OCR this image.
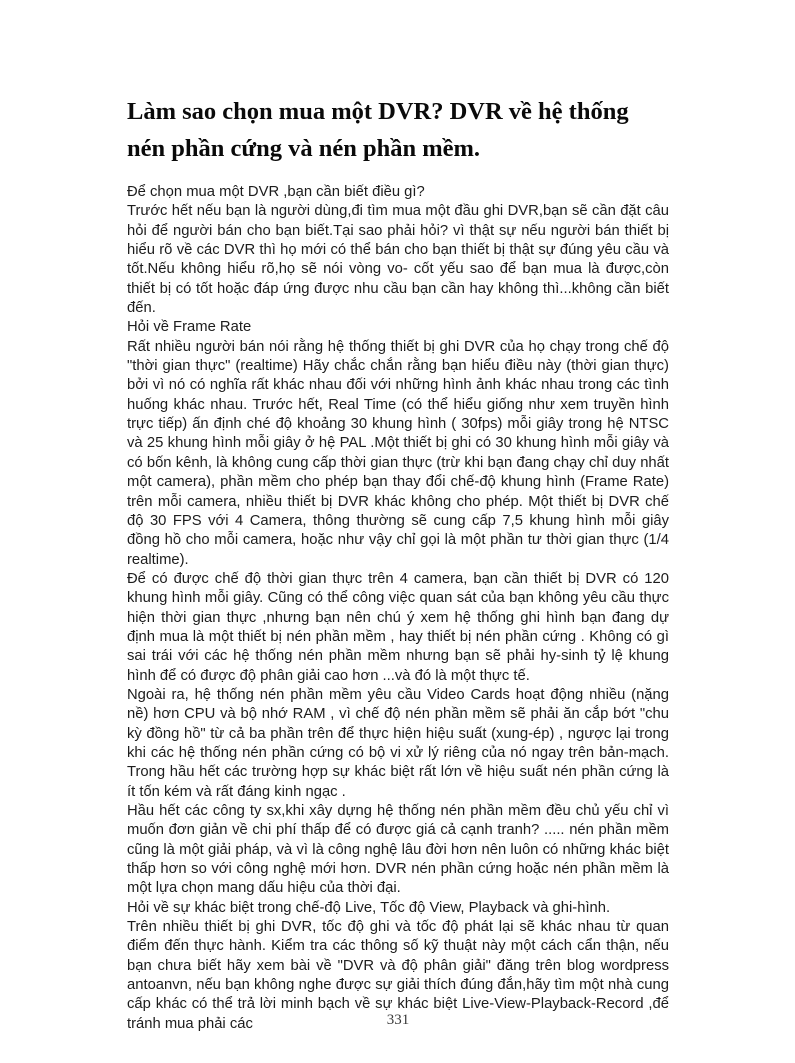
Làm sao chọn mua một DVR? DVR về hệ thống nén phần cứng và nén phần mềm.

Để chọn mua một DVR ,bạn cần biết điều gì?

Trước hết nếu bạn là người dùng,đi tìm mua một đầu ghi DVR,bạn sẽ cần đặt câu hỏi để người bán cho bạn biết.Tại sao phải hỏi? vì thật sự nếu người bán thiết bị hiểu rõ về các DVR thì họ mới có thể bán cho bạn thiết bị thật sự đúng yêu cầu và tốt.Nếu không hiểu rõ,họ sẽ nói vòng vo- cốt yếu sao để bạn mua là được,còn thiết bị có tốt hoặc đáp ứng được nhu cầu bạn cần hay không thì...không cần biết đến.

Hỏi về Frame Rate

Rất nhiều người bán nói rằng hệ thống thiết bị ghi DVR của họ chạy trong chế độ "thời gian thực" (realtime) Hãy chắc chắn rằng bạn hiểu điều này (thời gian thực) bởi vì nó có nghĩa rất khác nhau đối với những hình ảnh khác nhau trong các tình huống khác nhau. Trước hết, Real Time (có thể hiểu giống như xem truyền hình trực tiếp) ấn định ché độ khoảng 30 khung hình ( 30fps) mỗi giây trong hệ NTSC và 25 khung hình mỗi giây ở hệ PAL .Một thiết bị ghi có 30 khung hình mỗi giây và có bốn kênh, là không cung cấp thời gian thực (trừ khi bạn đang chạy chỉ duy nhất một camera), phần mềm cho phép bạn thay đổi chế-độ khung hình (Frame Rate) trên mỗi camera, nhiều thiết bị DVR khác không cho phép. Một thiết bị DVR chế độ 30 FPS với 4 Camera, thông thường sẽ cung cấp 7,5 khung hình mỗi giây đồng hồ cho mỗi camera, hoặc như vậy chỉ gọi là một phần tư thời gian thực (1/4 realtime).

Để có được chế độ thời gian thực trên 4 camera, bạn cần thiết bị DVR có 120 khung hình mỗi giây. Cũng có thể công việc quan sát của bạn không yêu cầu thực hiện thời gian thực ,nhưng bạn nên chú ý xem hệ thống ghi hình bạn đang dự định mua là một thiết bị nén phần mềm , hay thiết bị nén phần cứng . Không có gì sai trái với các hệ thống nén phần mềm nhưng bạn sẽ phải hy-sinh tỷ lệ khung hình để có được độ phân giải cao hơn ...và đó là một thực tế.

Ngoài ra, hệ thống nén phần mềm yêu cầu Video Cards hoạt động nhiều (nặng nề) hơn CPU và bộ nhớ RAM , vì chế độ nén phần mềm sẽ phải ăn cắp bớt "chu kỳ đồng hồ" từ cả ba phần trên để thực hiện hiệu suất (xung-ép) , ngược lại trong khi các hệ thống nén phần cứng có bộ vi xử lý riêng của nó ngay trên bản-mạch. Trong hầu hết các trường hợp sự khác biệt rất lớn về hiệu suất nén phần cứng là ít tốn kém và rất đáng kinh ngạc .

Hầu hết các công ty sx,khi xây dựng hệ thống nén phần mềm đều chủ yếu chỉ vì muốn đơn giản về chi phí thấp để có được giá cả cạnh tranh? ..... nén phần mềm cũng là một giải pháp, và vì là công nghệ lâu đời hơn nên luôn có những khác biệt thấp hơn so với công nghệ mới hơn. DVR nén phần cứng hoặc nén phần mềm là một lựa chọn mang dấu hiệu của thời đại.

Hỏi về sự khác biệt trong chế-độ Live, Tốc độ View, Playback và ghi-hình.

Trên nhiều thiết bị ghi DVR, tốc độ ghi và tốc độ phát lại sẽ khác nhau từ quan điểm đến thực hành. Kiểm tra các thông số kỹ thuật này một cách cẩn thận, nếu bạn chưa biết hãy xem bài về "DVR và độ phân giải" đăng trên blog wordpress antoanvn, nếu bạn không nghe được sự giải thích đúng đắn,hãy tìm một nhà cung cấp khác có thể trả lời minh bạch về sự khác biệt Live-View-Playback-Record ,để tránh mua phải các	331
